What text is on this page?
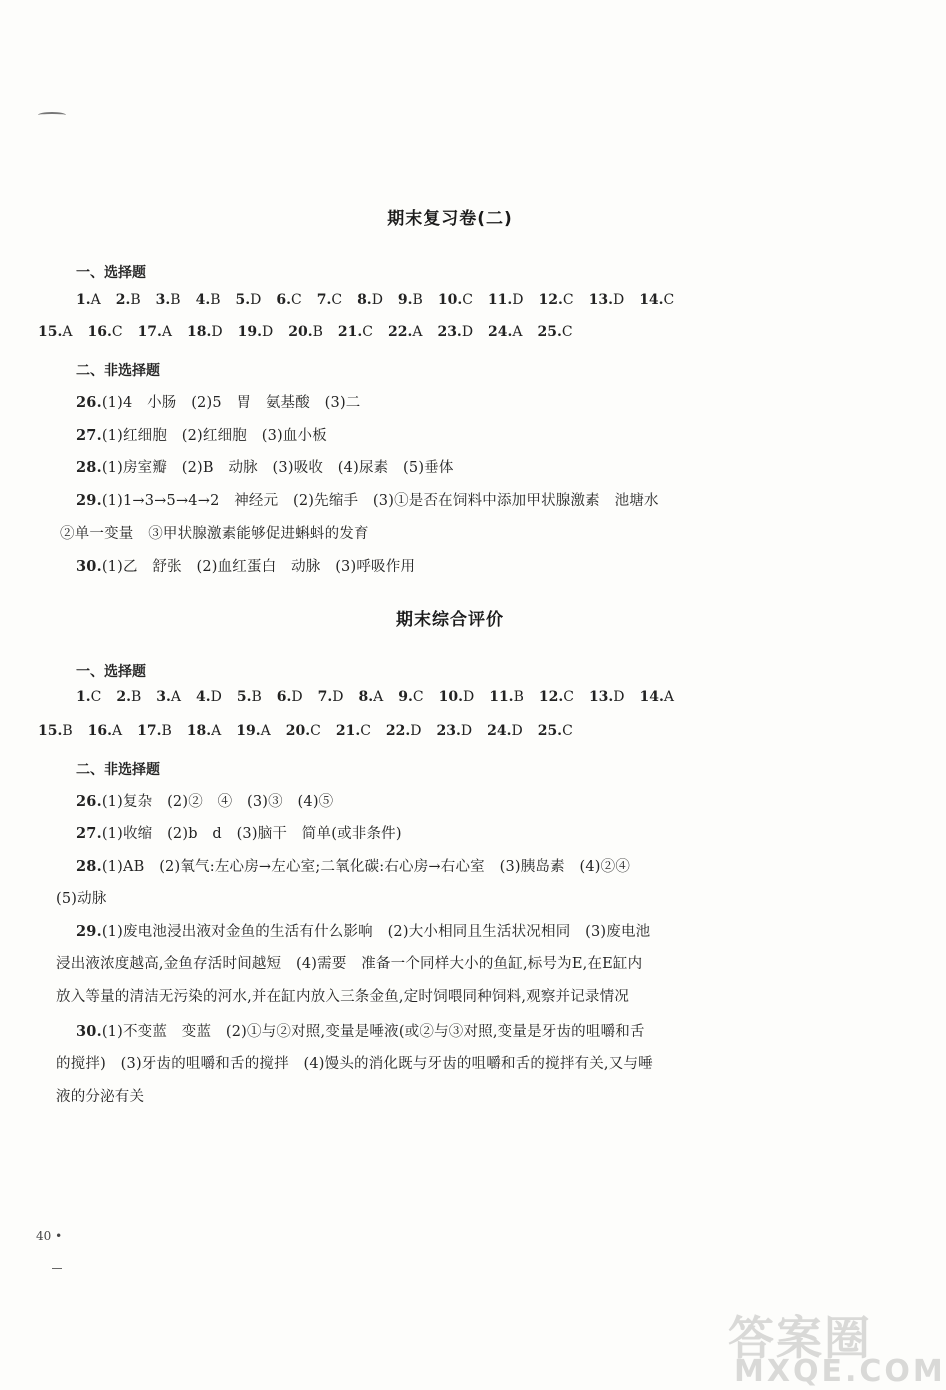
期末复习卷(二)
一、选择题
1.A 2.B 3.B 4.B 5.D 6.C 7.C 8.D 9.B 10.C 11.D 12.C 13.D 14.C
15.A 16.C 17.A 18.D 19.D 20.B 21.C 22.A 23.D 24.A 25.C
二、非选择题
26.(1)4　小肠　(2)5　胃　氨基酸　(3)二
27.(1)红细胞　(2)红细胞　(3)血小板
28.(1)房室瓣　(2)B　动脉　(3)吸收　(4)尿素　(5)垂体
29.(1)1→3→5→4→2　神经元　(2)先缩手　(3)①是否在饲料中添加甲状腺激素　池塘水
②单一变量　③甲状腺激素能够促进蝌蚪的发育
30.(1)乙　舒张　(2)血红蛋白　动脉　(3)呼吸作用
期末综合评价
一、选择题
1.C 2.B 3.A 4.D 5.B 6.D 7.D 8.A 9.C 10.D 11.B 12.C 13.D 14.A
15.B 16.A 17.B 18.A 19.A 20.C 21.C 22.D 23.D 24.D 25.C
二、非选择题
26.(1)复杂　(2)②　④　(3)③　(4)⑤
27.(1)收缩　(2)b　d　(3)脑干　简单(或非条件)
28.(1)AB　(2)氧气:左心房→左心室;二氧化碳:右心房→右心室　(3)胰岛素　(4)②④
(5)动脉
29.(1)废电池浸出液对金鱼的生活有什么影响　(2)大小相同且生活状况相同　(3)废电池
浸出液浓度越高,金鱼存活时间越短　(4)需要　准备一个同样大小的鱼缸,标号为E,在E缸内
放入等量的清洁无污染的河水,并在缸内放入三条金鱼,定时饲喂同种饲料,观察并记录情况
30.(1)不变蓝　变蓝　(2)①与②对照,变量是唾液(或②与③对照,变量是牙齿的咀嚼和舌
的搅拌)　(3)牙齿的咀嚼和舌的搅拌　(4)馒头的消化既与牙齿的咀嚼和舌的搅拌有关,又与唾
液的分泌有关
40 •
答案圈
MXQE.COM
